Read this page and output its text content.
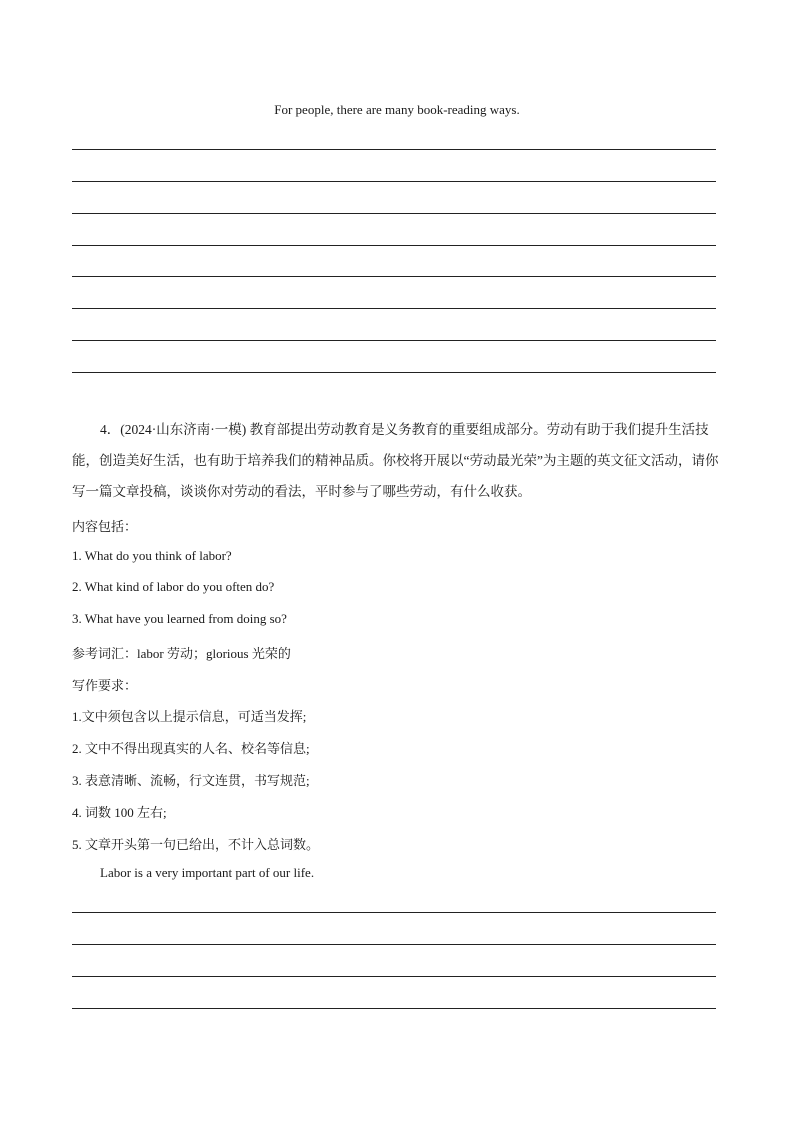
For people, there are many book-reading ways.
4．(2024·山东济南·一模) 教育部提出劳动教育是义务教育的重要组成部分。劳动有助于我们提升生活技能，创造美好生活，也有助于培养我们的精神品质。你校将开展以“劳动最光荣”为主题的英文征文活动，请你写一篇文章投稿，谈谈你对劳动的看法，平时参与了哪些劳动，有什么收获。
内容包括：
1. What do you think of labor?
2. What kind of labor do you often do?
3. What have you learned from doing so?
参考词汇：labor 劳动；glorious 光荣的
写作要求：
1.文中须包含以上提示信息，可适当发挥;
2. 文中不得出现真实的人名、校名等信息;
3. 表意清晰、流畅，行文连贯，书写规范;
4. 词数 100 左右;
5. 文章开头第一句已给出，不计入总词数。
Labor is a very important part of our life.
